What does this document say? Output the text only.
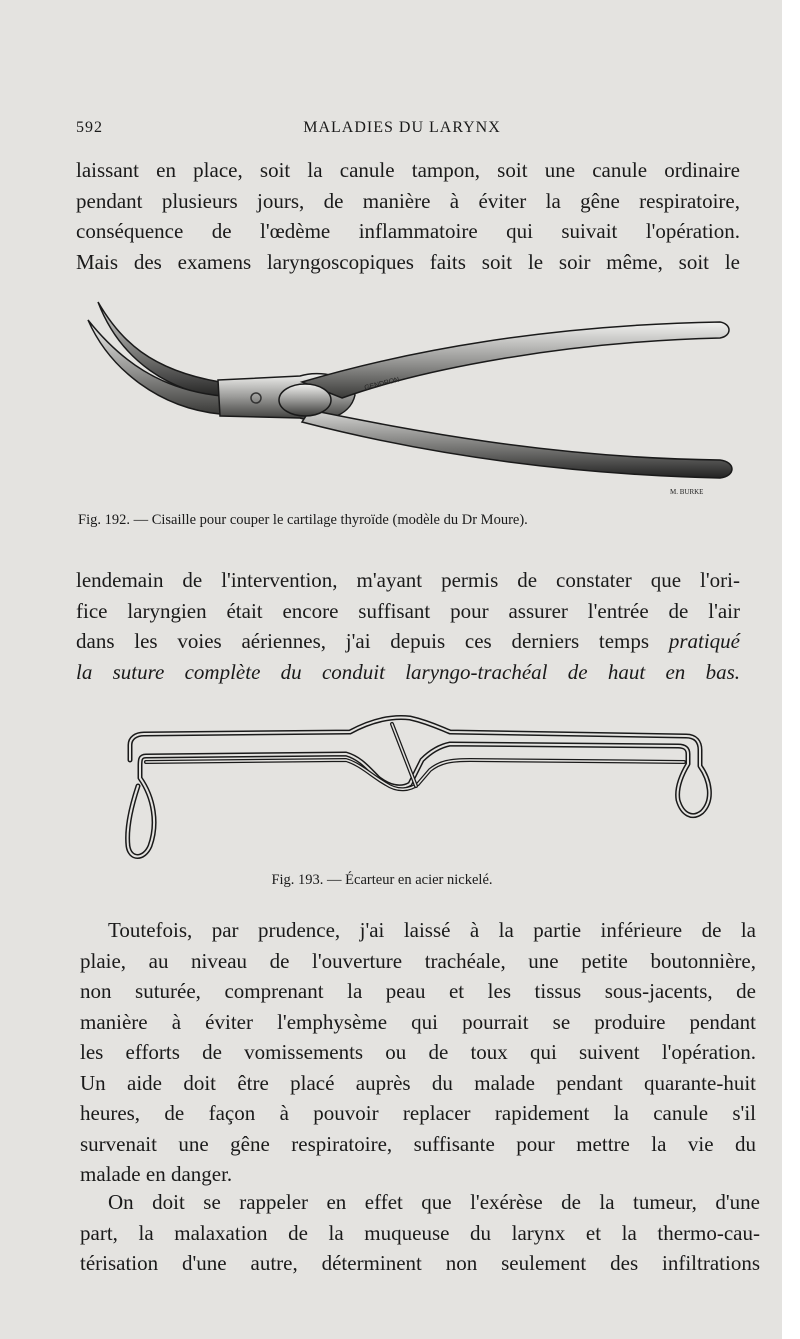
592	MALADIES DU LARYNX

laissant en place, soit la canule tampon, soit une canule ordinaire
pendant plusieurs jours, de manière à éviter la gêne respiratoire,
conséquence de l'œdème inflammatoire qui suivait l'opération.
Mais des examens laryngoscopiques faits soit le soir même, soit le

GENDRON
M. BURKE
Fig. 192. — Cisaille pour couper le cartilage thyroïde (modèle du Dr Moure).

lendemain de l'intervention, m'ayant permis de constater que l'ori-
fice laryngien était encore suffisant pour assurer l'entrée de l'air
dans les voies aériennes, j'ai depuis ces derniers temps pratiqué
la suture complète du conduit laryngo-trachéal de haut en bas.

Fig. 193. — Écarteur en acier nickelé.

Toutefois, par prudence, j'ai laissé à la partie inférieure de la
plaie, au niveau de l'ouverture trachéale, une petite boutonnière,
non suturée, comprenant la peau et les tissus sous-jacents, de
manière à éviter l'emphysème qui pourrait se produire pendant
les efforts de vomissements ou de toux qui suivent l'opération.
Un aide doit être placé auprès du malade pendant quarante-huit
heures, de façon à pouvoir replacer rapidement la canule s'il
survenait une gêne respiratoire, suffisante pour mettre la vie du
malade en danger.

On doit se rappeler en effet que l'exérèse de la tumeur, d'une
part, la malaxation de la muqueuse du larynx et la thermo-cau-
térisation d'une autre, déterminent non seulement des infiltrations
